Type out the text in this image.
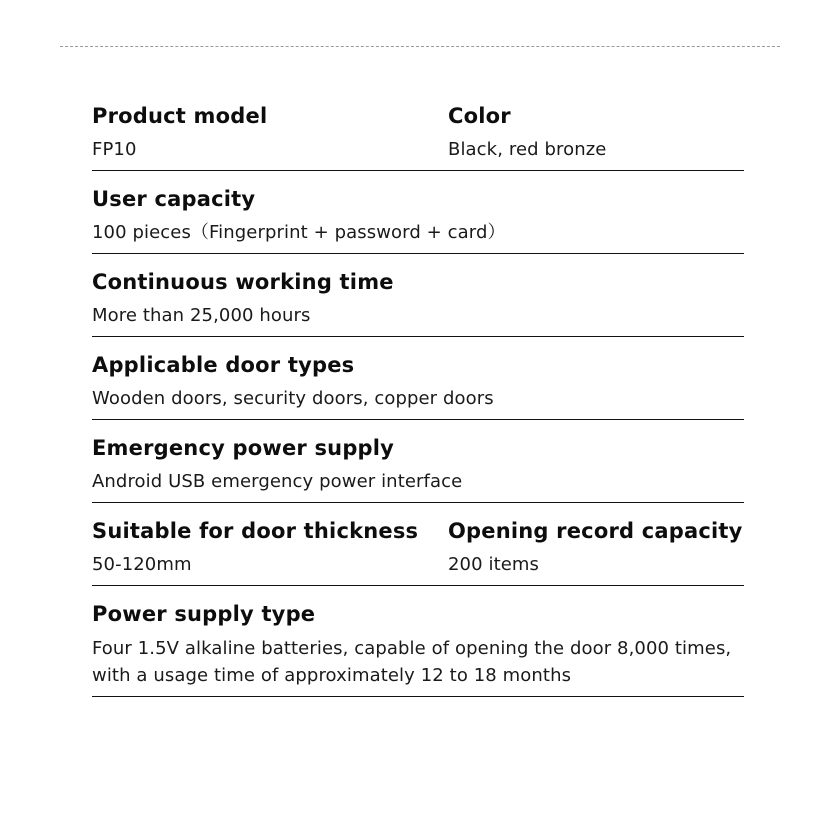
Product model
FP10
Color
Black, red bronze
User capacity
100 pieces（Fingerprint + password + card）
Continuous working time
More than 25,000 hours
Applicable door types
Wooden doors, security doors, copper doors
Emergency power supply
Android USB emergency power interface
Suitable for door thickness
50-120mm
Opening record capacity
200 items
Power supply type
Four 1.5V alkaline batteries, capable of opening the door 8,000 times, with a usage time of approximately 12 to 18 months
